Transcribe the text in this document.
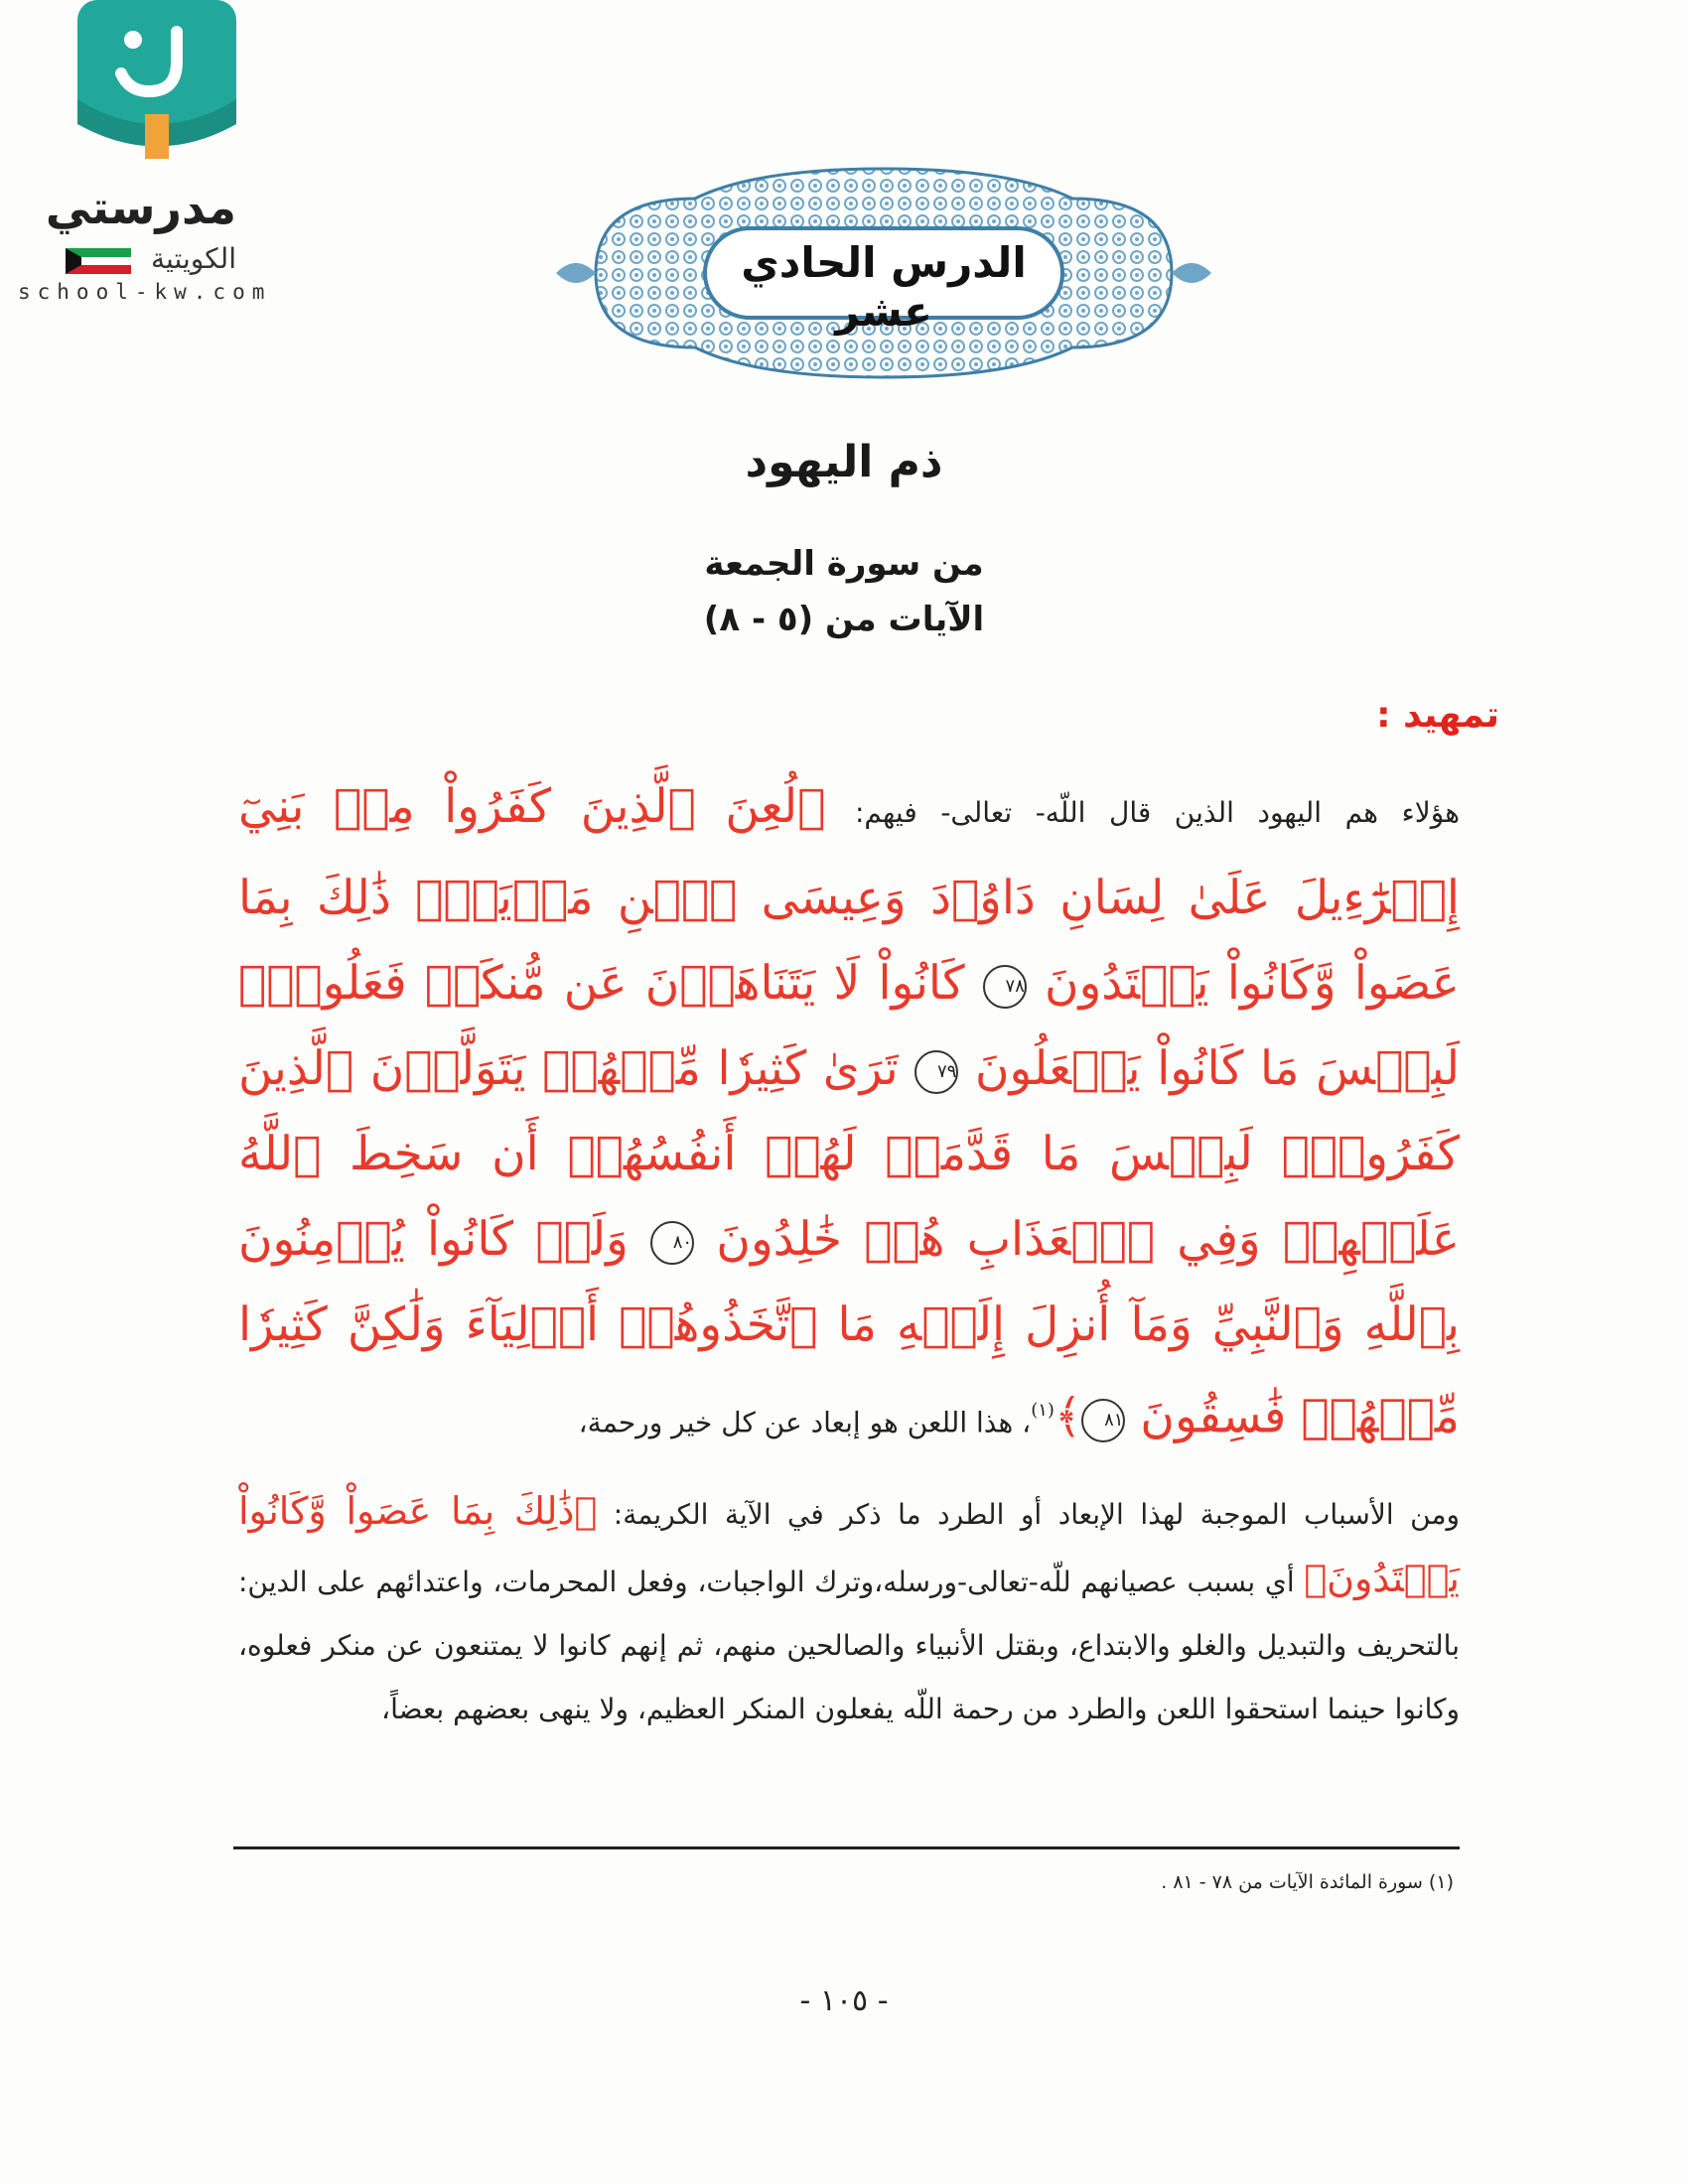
مدرستي
الكويتية
school-kw.com
الدرس الحادي عشر
ذم اليهود
من سورة الجمعة
الآيات من (٥ - ٨)
تمهيد :
هؤلاء هم اليهود الذين قال اللّه- تعالى- فيهم: ﴿لُعِنَ ٱلَّذِينَ كَفَرُواْ مِنۢ بَنِيٓ إِسۡرَٰٓءِيلَ عَلَىٰ لِسَانِ دَاوُۥدَ وَعِيسَى ٱبۡنِ مَرۡيَمَۚ ذَٰلِكَ بِمَا عَصَواْ وَّكَانُواْ يَعۡتَدُونَ ٧٨ كَانُواْ لَا يَتَنَاهَوۡنَ عَن مُّنكَرٖ فَعَلُوهُۚ لَبِئۡسَ مَا كَانُواْ يَفۡعَلُونَ ٧٩ تَرَىٰ كَثِيرٗا مِّنۡهُمۡ يَتَوَلَّوۡنَ ٱلَّذِينَ كَفَرُواْۚ لَبِئۡسَ مَا قَدَّمَتۡ لَهُمۡ أَنفُسُهُمۡ أَن سَخِطَ ٱللَّهُ عَلَيۡهِمۡ وَفِي ٱلۡعَذَابِ هُمۡ خَٰلِدُونَ ٨٠ وَلَوۡ كَانُواْ يُؤۡمِنُونَ بِٱللَّهِ وَٱلنَّبِيِّ وَمَآ أُنزِلَ إِلَيۡهِ مَا ٱتَّخَذُوهُمۡ أَوۡلِيَآءَ وَلَٰكِنَّ كَثِيرٗا مِّنۡهُمۡ فَٰسِقُونَ ٨١﴾$^{(١)}$، هذا اللعن هو إبعاد عن كل خير ورحمة،
ومن الأسباب الموجبة لهذا الإبعاد أو الطرد ما ذكر في الآية الكريمة: ﴿ذَٰلِكَ بِمَا عَصَواْ وَّكَانُواْ يَعۡتَدُونَ﴾ أي بسبب عصيانهم للّه-تعالى-ورسله،وترك الواجبات، وفعل المحرمات، واعتدائهم على الدين: بالتحريف والتبديل والغلو والابتداع، وبقتل الأنبياء والصالحين منهم، ثم إنهم كانوا لا يمتنعون عن منكر فعلوه، وكانوا حينما استحقوا اللعن والطرد من رحمة اللّه يفعلون المنكر العظيم، ولا ينهى بعضهم بعضاً،
(١) سورة المائدة الآيات من ٧٨ - ٨١ .
- ١٠٥ -
